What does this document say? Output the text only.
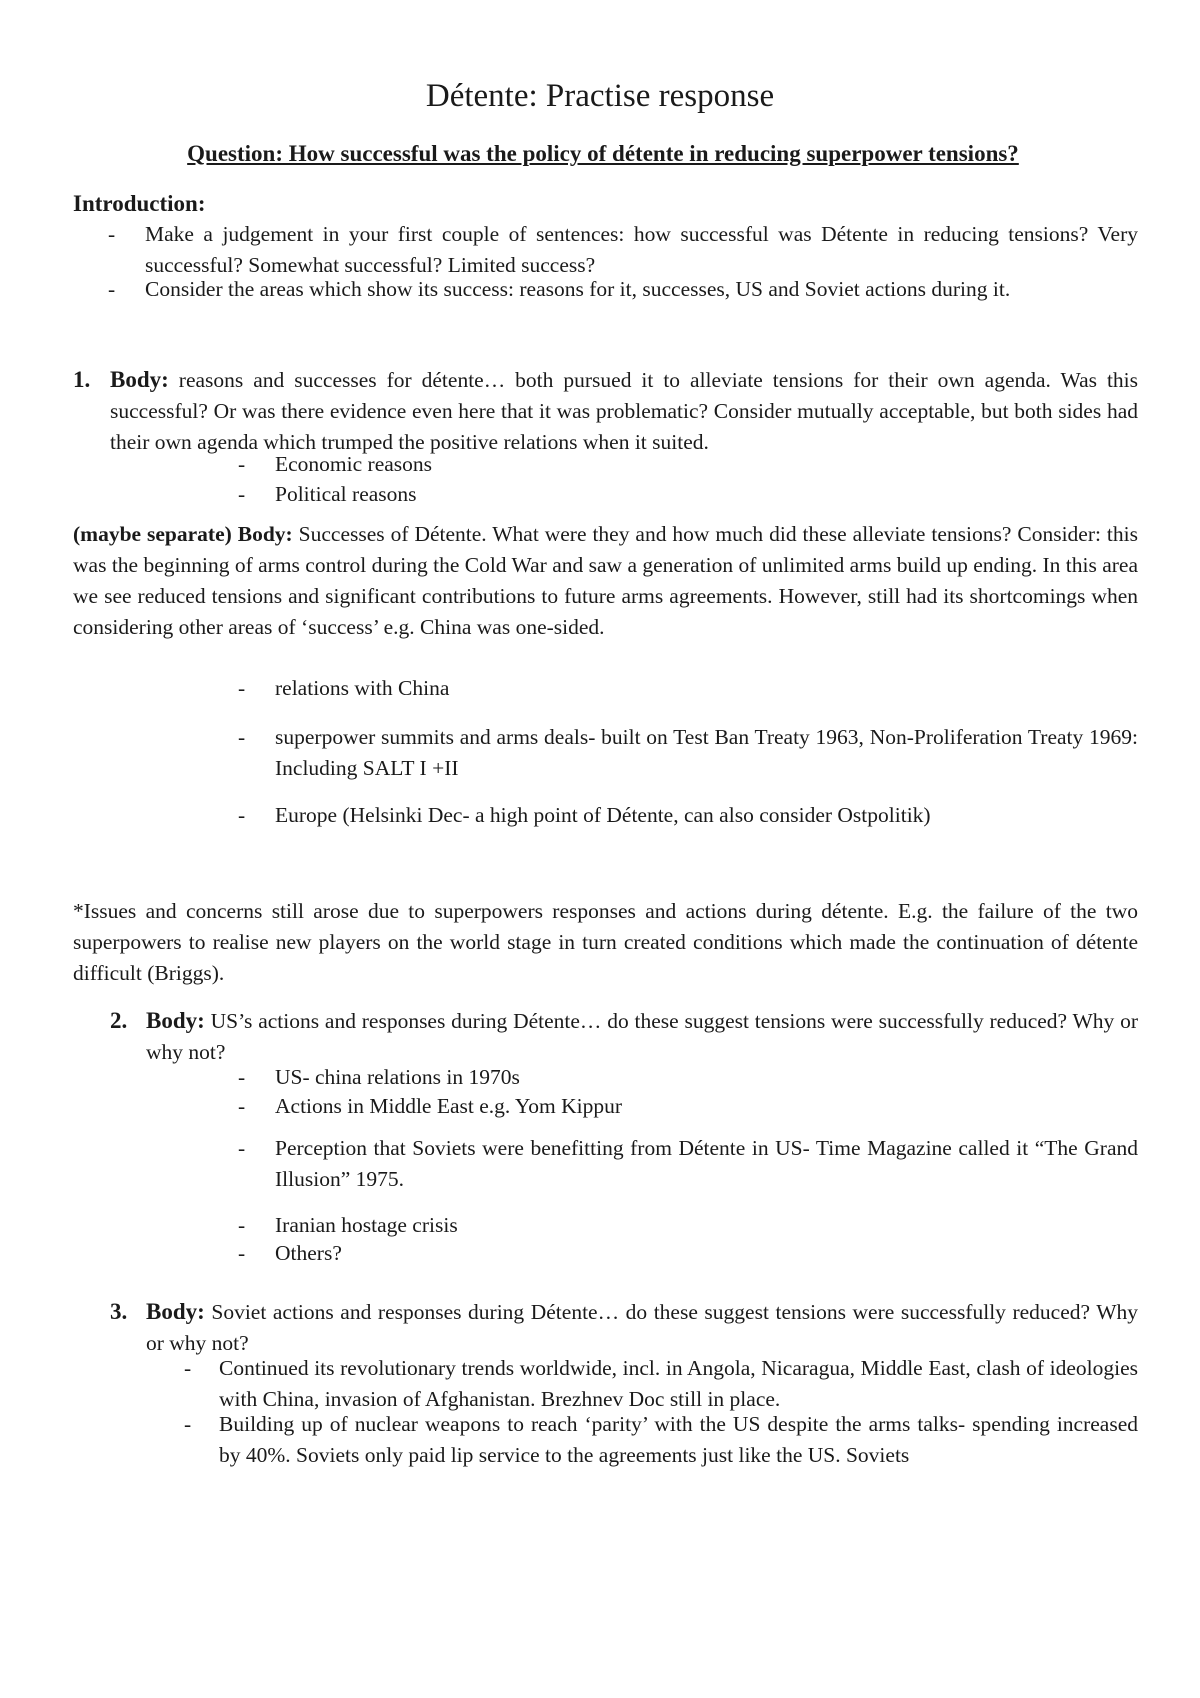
Détente: Practise response
Question: How successful was the policy of détente in reducing superpower tensions?
Introduction:
- Make a judgement in your first couple of sentences: how successful was Détente in reducing tensions? Very successful? Somewhat successful? Limited success?
- Consider the areas which show its success: reasons for it, successes, US and Soviet actions during it.
1. Body: reasons and successes for détente… both pursued it to alleviate tensions for their own agenda. Was this successful? Or was there evidence even here that it was problematic? Consider mutually acceptable, but both sides had their own agenda which trumped the positive relations when it suited.
- Economic reasons
- Political reasons
(maybe separate) Body: Successes of Détente. What were they and how much did these alleviate tensions? Consider: this was the beginning of arms control during the Cold War and saw a generation of unlimited arms build up ending. In this area we see reduced tensions and significant contributions to future arms agreements. However, still had its shortcomings when considering other areas of ‘success’ e.g. China was one-sided.
- relations with China
- superpower summits and arms deals- built on Test Ban Treaty 1963, Non-Proliferation Treaty 1969: Including SALT I +II
- Europe (Helsinki Dec- a high point of Détente, can also consider Ostpolitik)
*Issues and concerns still arose due to superpowers responses and actions during détente. E.g. the failure of the two superpowers to realise new players on the world stage in turn created conditions which made the continuation of détente difficult (Briggs).
2. Body: US’s actions and responses during Détente… do these suggest tensions were successfully reduced? Why or why not?
- US- china relations in 1970s
- Actions in Middle East e.g. Yom Kippur
- Perception that Soviets were benefitting from Détente in US- Time Magazine called it “The Grand Illusion” 1975.
- Iranian hostage crisis
- Others?
3. Body: Soviet actions and responses during Détente… do these suggest tensions were successfully reduced? Why or why not?
- Continued its revolutionary trends worldwide, incl. in Angola, Nicaragua, Middle East, clash of ideologies with China, invasion of Afghanistan. Brezhnev Doc still in place.
- Building up of nuclear weapons to reach ‘parity’ with the US despite the arms talks- spending increased by 40%. Soviets only paid lip service to the agreements just like the US. Soviets
